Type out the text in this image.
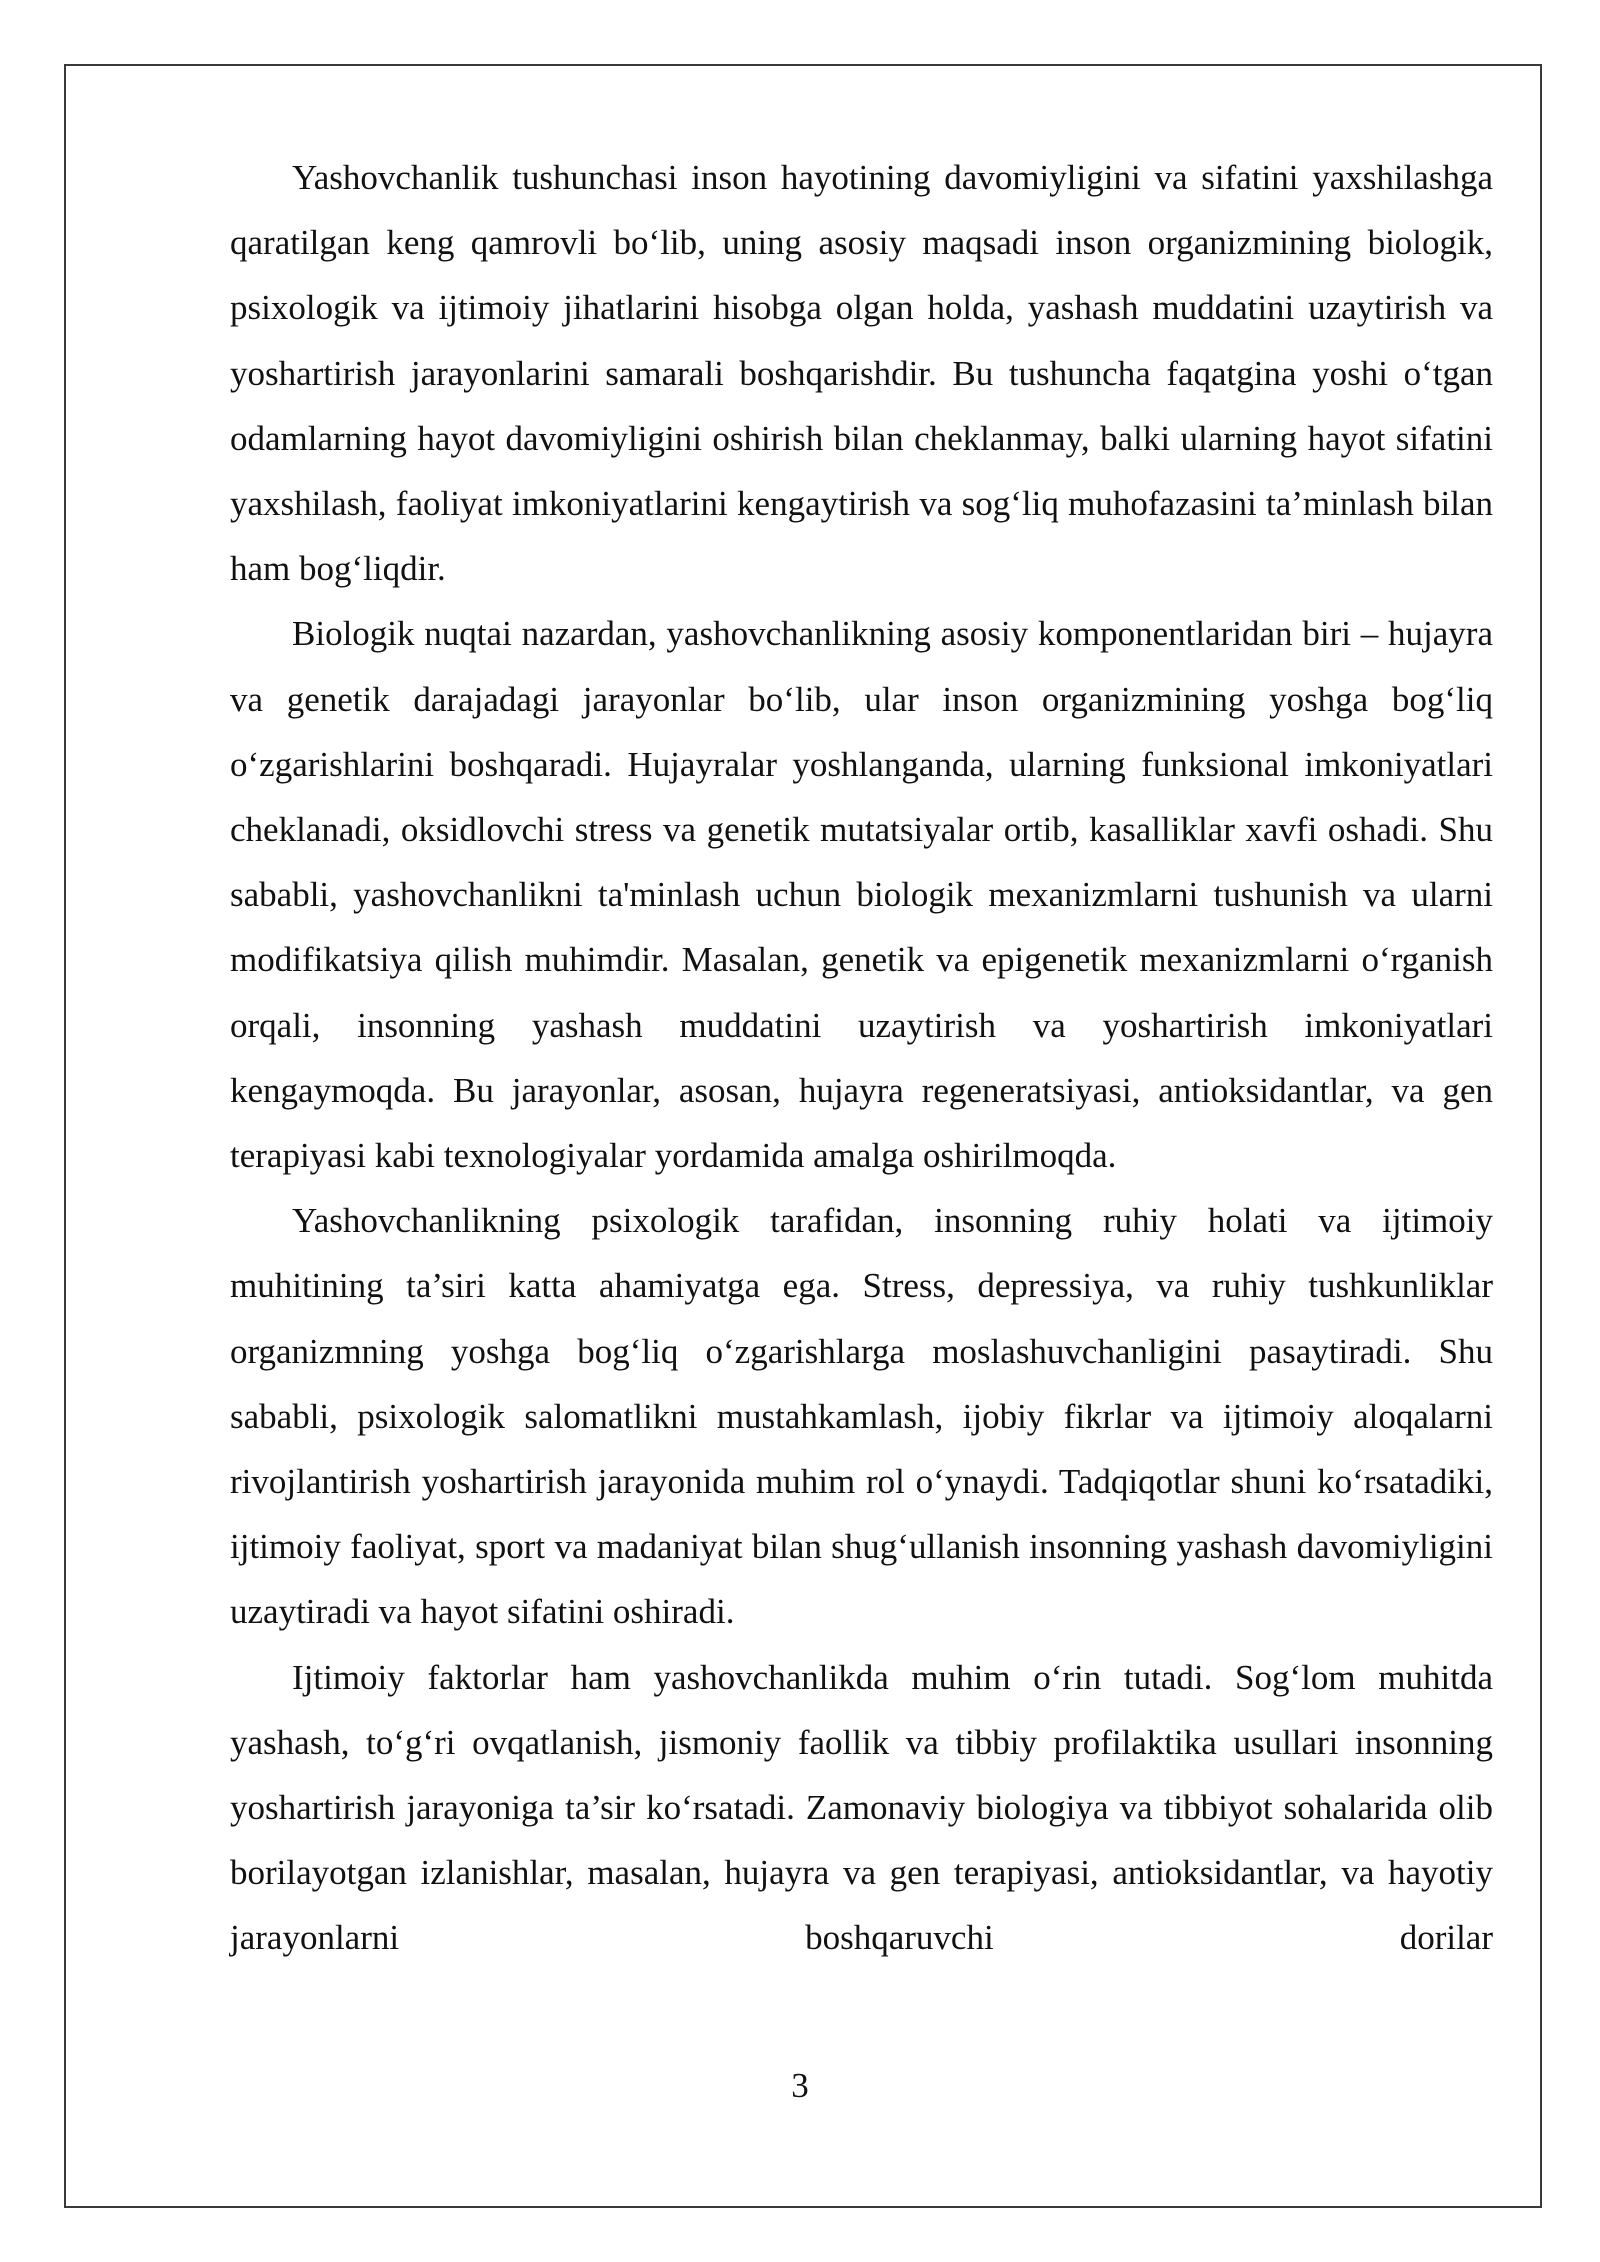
Yashovchanlik tushunchasi inson hayotining davomiyligini va sifatini yaxshilashga qaratilgan keng qamrovli bo‘lib, uning asosiy maqsadi inson organizmining biologik, psixologik va ijtimoiy jihatlarini hisobga olgan holda, yashash muddatini uzaytirish va yoshartirish jarayonlarini samarali boshqarishdir. Bu tushuncha faqatgina yoshi o‘tgan odamlarning hayot davomiyligini oshirish bilan cheklanmay, balki ularning hayot sifatini yaxshilash, faoliyat imkoniyatlarini kengaytirish va sog‘liq muhofazasini ta’minlash bilan ham bog‘liqdir.

Biologik nuqtai nazardan, yashovchanlikning asosiy komponentlaridan biri – hujayra va genetik darajadagi jarayonlar bo‘lib, ular inson organizmining yoshga bog‘liq o‘zgarishlarini boshqaradi. Hujayralar yoshlanganda, ularning funksional imkoniyatlari cheklanadi, oksidlovchi stress va genetik mutatsiyalar ortib, kasalliklar xavfi oshadi. Shu sababli, yashovchanlikni ta'minlash uchun biologik mexanizmlarni tushunish va ularni modifikatsiya qilish muhimdir. Masalan, genetik va epigenetik mexanizmlarni o‘rganish orqali, insonning yashash muddatini uzaytirish va yoshartirish imkoniyatlari kengaymoqda. Bu jarayonlar, asosan, hujayra regeneratsiyasi, antioksidantlar, va gen terapiyasi kabi texnologiyalar yordamida amalga oshirilmoqda.

Yashovchanlikning psixologik tarafidan, insonning ruhiy holati va ijtimoiy muhitining ta’siri katta ahamiyatga ega. Stress, depressiya, va ruhiy tushkunliklar organizmning yoshga bog‘liq o‘zgarishlarga moslashuvchanligini pasaytiradi. Shu sababli, psixologik salomatlikni mustahkamlash, ijobiy fikrlar va ijtimoiy aloqalarni rivojlantirish yoshartirish jarayonida muhim rol o‘ynaydi. Tadqiqotlar shuni ko‘rsatadiki, ijtimoiy faoliyat, sport va madaniyat bilan shug‘ullanish insonning yashash davomiyligini uzaytiradi va hayot sifatini oshiradi.

Ijtimoiy faktorlar ham yashovchanlikda muhim o‘rin tutadi. Sog‘lom muhitda yashash, to‘g‘ri ovqatlanish, jismoniy faollik va tibbiy profilaktika usullari insonning yoshartirish jarayoniga ta’sir ko‘rsatadi. Zamonaviy biologiya va tibbiyot sohalarida olib borilayotgan izlanishlar, masalan, hujayra va gen terapiyasi, antioksidantlar, va hayotiy jarayonlarni boshqaruvchi dorilar

3
